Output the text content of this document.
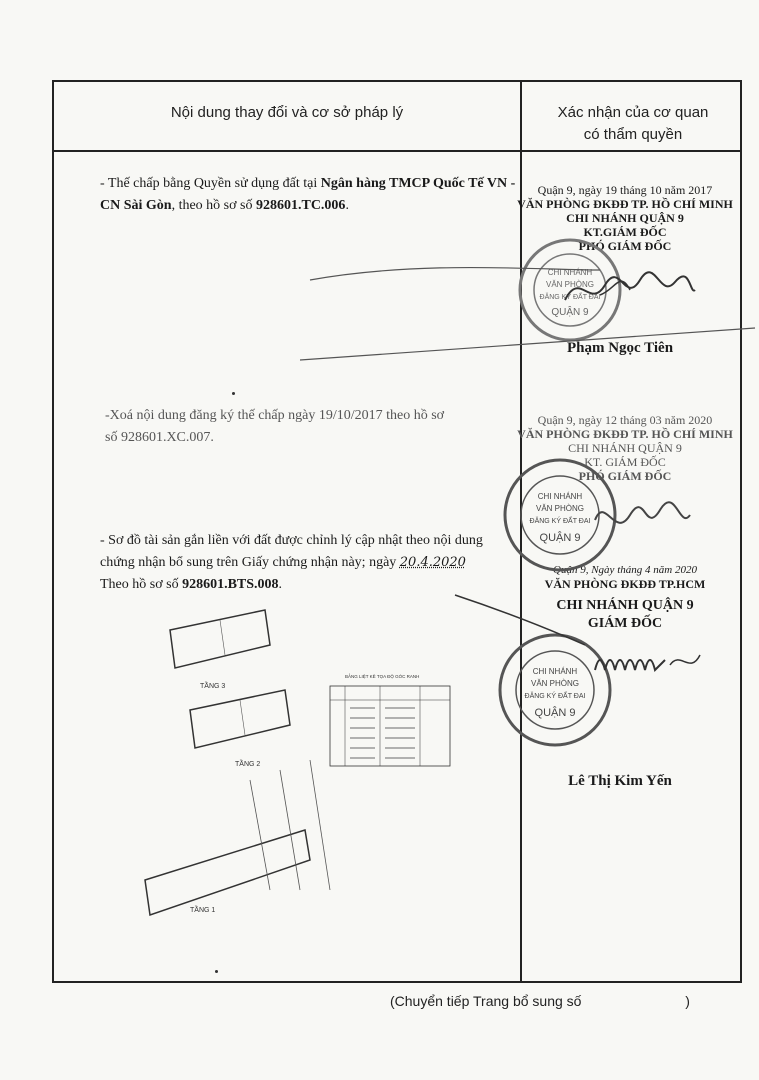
Nội dung thay đổi và cơ sở pháp lý	Xác nhận của cơ quan
có thẩm quyền
- Thế chấp bằng Quyền sử dụng đất tại Ngân hàng TMCP Quốc Tế VN - CN Sài Gòn, theo hồ sơ số 928601.TC.006.
-Xoá nội dung đăng ký thế chấp ngày 19/10/2017 theo hồ sơ
số 928601.XC.007.
- Sơ đồ tài sản gắn liền với đất được chỉnh lý cập nhật theo nội dung
chứng nhận bổ sung trên Giấy chứng nhận này; ngày 20.4.2020
Theo hồ sơ số 928601.BTS.008.
Quận 9, ngày 19 tháng 10 năm 2017
VĂN PHÒNG ĐKĐĐ TP. HỒ CHÍ MINH
CHI NHÁNH QUẬN 9
KT.GIÁM ĐỐC
PHÓ GIÁM ĐỐC
Phạm Ngọc Tiên
Quận 9, ngày 12 tháng 03 năm 2020
VĂN PHÒNG ĐKĐĐ TP. HỒ CHÍ MINH
CHI NHÁNH QUẬN 9
KT. GIÁM ĐỐC
PHÓ GIÁM ĐỐC
Quận 9, Ngày tháng 4 năm 2020
VĂN PHÒNG ĐKĐĐ TP.HCM
CHI NHÁNH QUẬN 9
GIÁM ĐỐC
Lê Thị Kim Yến
CHI NHÁNH
VĂN PHÒNG
ĐĂNG KÝ ĐẤT ĐAI
QUẬN 9
CHI NHÁNH
VĂN PHÒNG
ĐĂNG KÝ ĐẤT ĐAI
QUẬN 9
CHI NHÁNH
VĂN PHÒNG
ĐĂNG KÝ ĐẤT ĐAI
QUẬN 9
TẦNG 3
TẦNG 2
TẦNG 1
BẢNG LIỆT KÊ TỌA ĐỘ GÓC RANH
(Chuyển tiếp Trang bổ sung số	)
